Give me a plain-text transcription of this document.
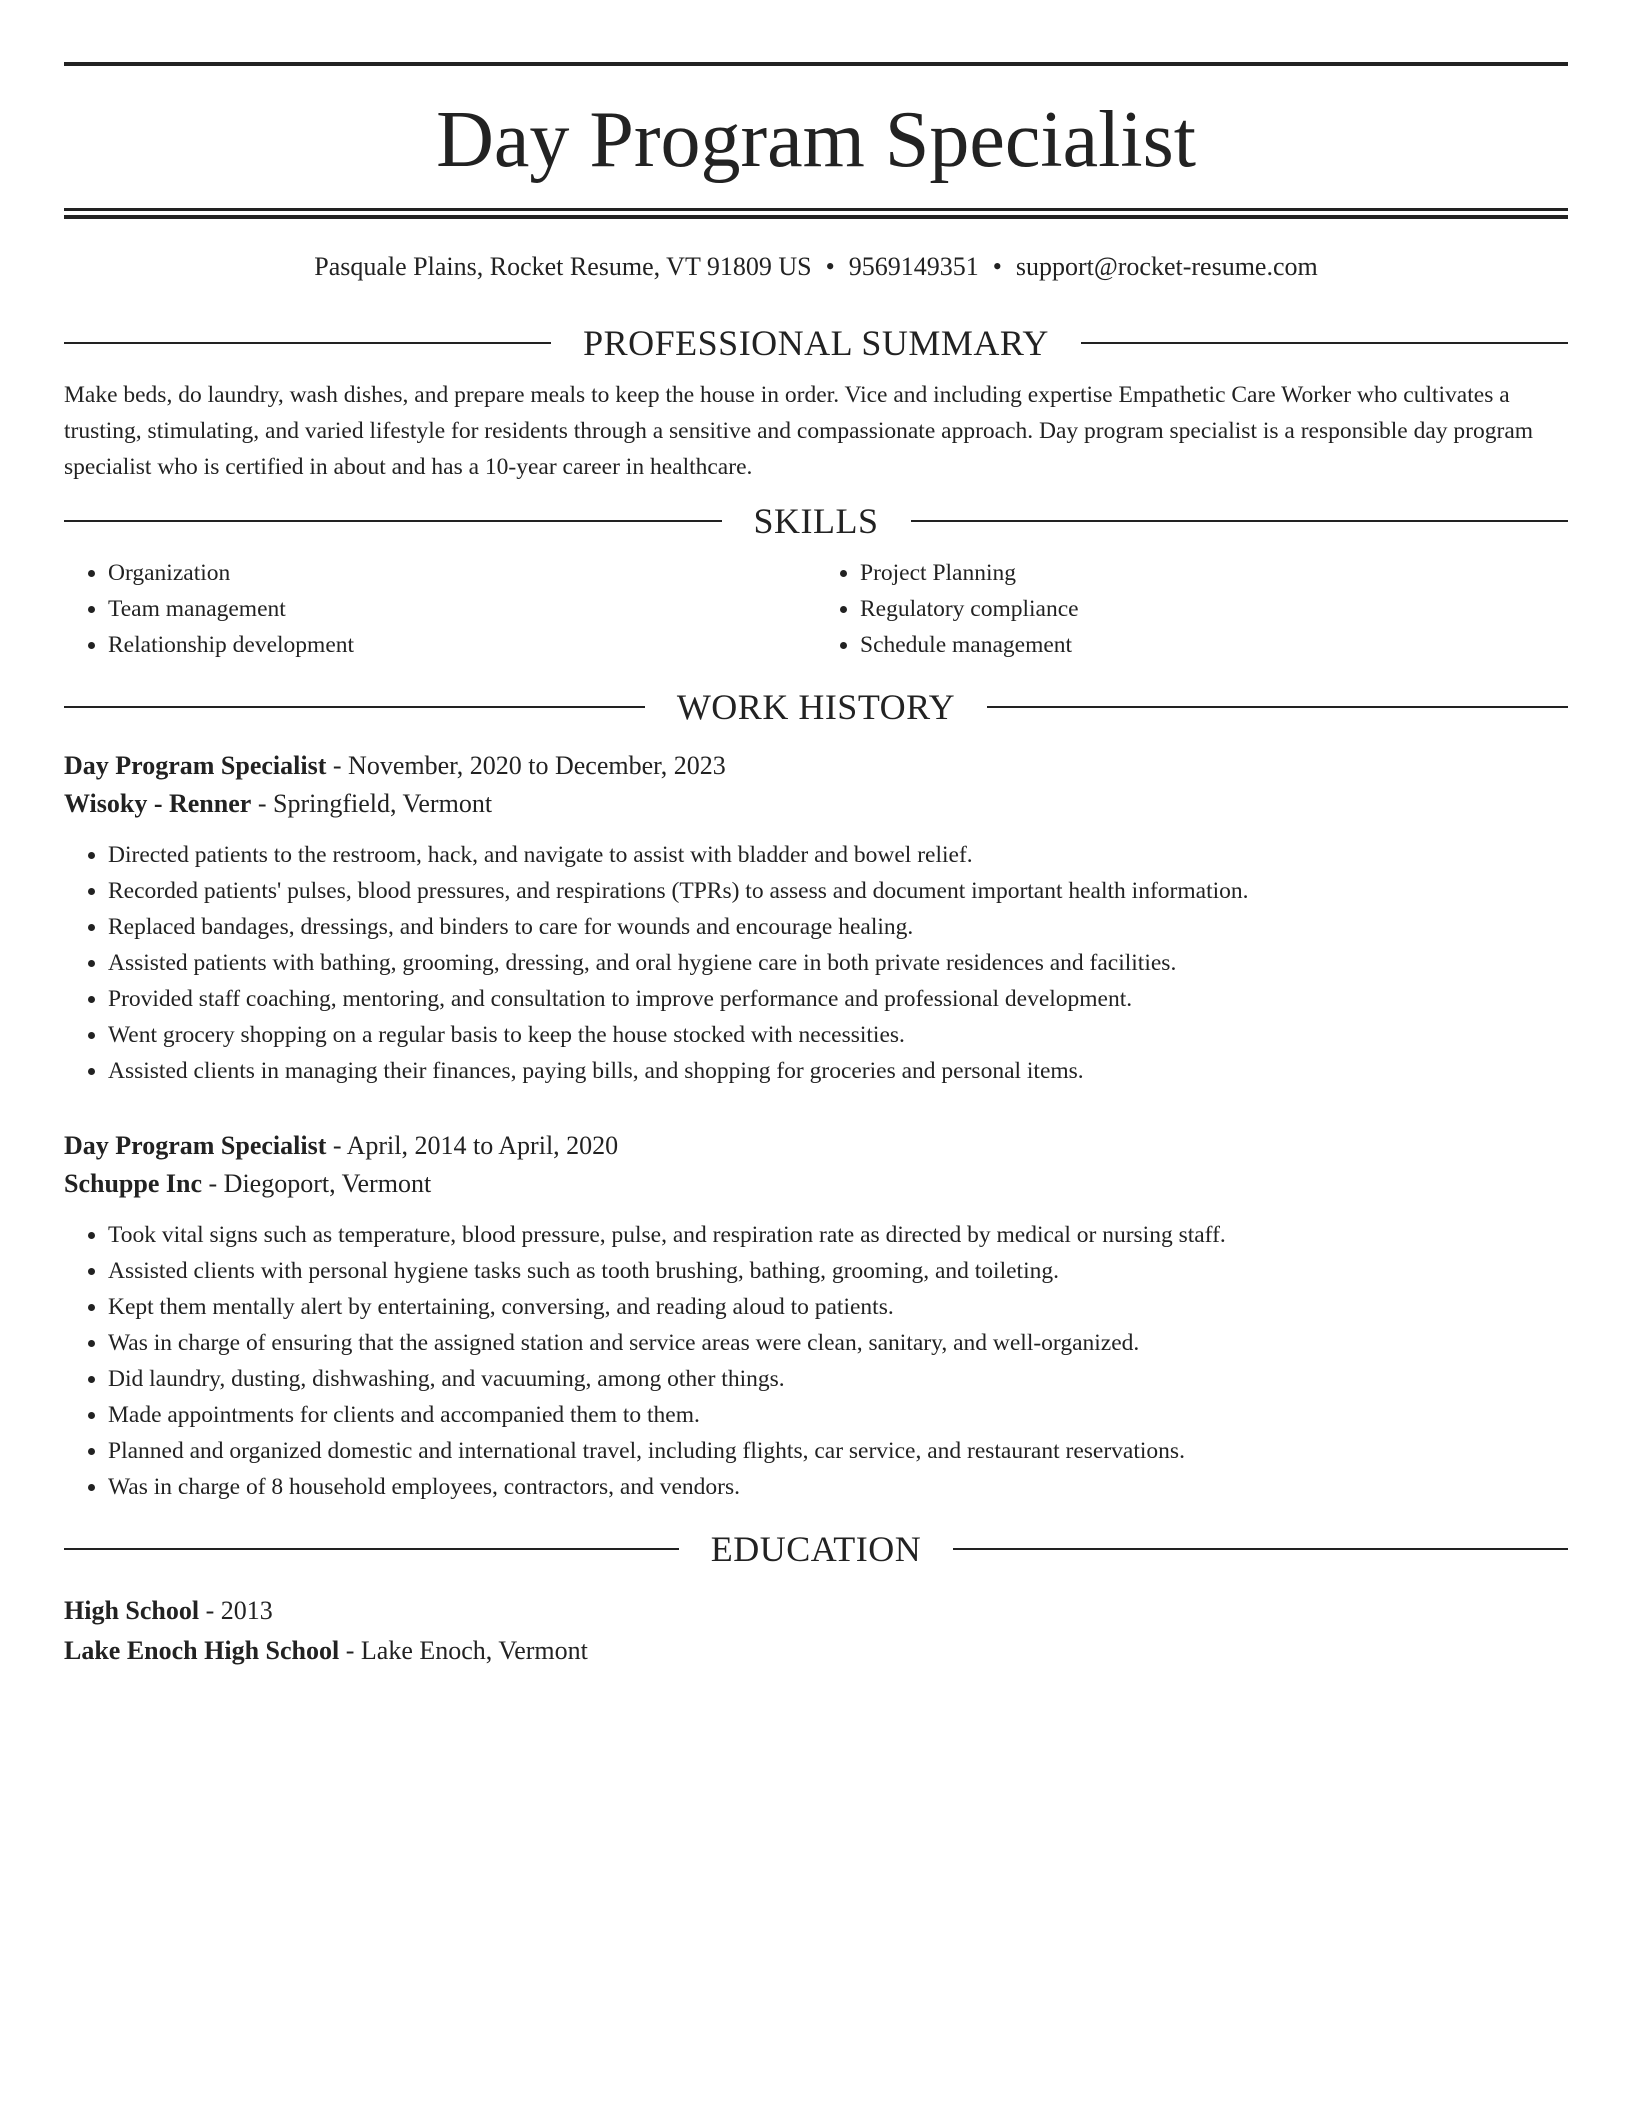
Day Program Specialist
Pasquale Plains, Rocket Resume, VT 91809 US • 9569149351 • support@rocket-resume.com
PROFESSIONAL SUMMARY
Make beds, do laundry, wash dishes, and prepare meals to keep the house in order. Vice and including expertise Empathetic Care Worker who cultivates a trusting, stimulating, and varied lifestyle for residents through a sensitive and compassionate approach. Day program specialist is a responsible day program specialist who is certified in about and has a 10-year career in healthcare.
SKILLS
• Organization
• Team management
• Relationship development
• Project Planning
• Regulatory compliance
• Schedule management
WORK HISTORY
Day Program Specialist - November, 2020 to December, 2023
Wisoky - Renner - Springfield, Vermont
• Directed patients to the restroom, hack, and navigate to assist with bladder and bowel relief.
• Recorded patients' pulses, blood pressures, and respirations (TPRs) to assess and document important health information.
• Replaced bandages, dressings, and binders to care for wounds and encourage healing.
• Assisted patients with bathing, grooming, dressing, and oral hygiene care in both private residences and facilities.
• Provided staff coaching, mentoring, and consultation to improve performance and professional development.
• Went grocery shopping on a regular basis to keep the house stocked with necessities.
• Assisted clients in managing their finances, paying bills, and shopping for groceries and personal items.
Day Program Specialist - April, 2014 to April, 2020
Schuppe Inc - Diegoport, Vermont
• Took vital signs such as temperature, blood pressure, pulse, and respiration rate as directed by medical or nursing staff.
• Assisted clients with personal hygiene tasks such as tooth brushing, bathing, grooming, and toileting.
• Kept them mentally alert by entertaining, conversing, and reading aloud to patients.
• Was in charge of ensuring that the assigned station and service areas were clean, sanitary, and well-organized.
• Did laundry, dusting, dishwashing, and vacuuming, among other things.
• Made appointments for clients and accompanied them to them.
• Planned and organized domestic and international travel, including flights, car service, and restaurant reservations.
• Was in charge of 8 household employees, contractors, and vendors.
EDUCATION
High School - 2013
Lake Enoch High School - Lake Enoch, Vermont
